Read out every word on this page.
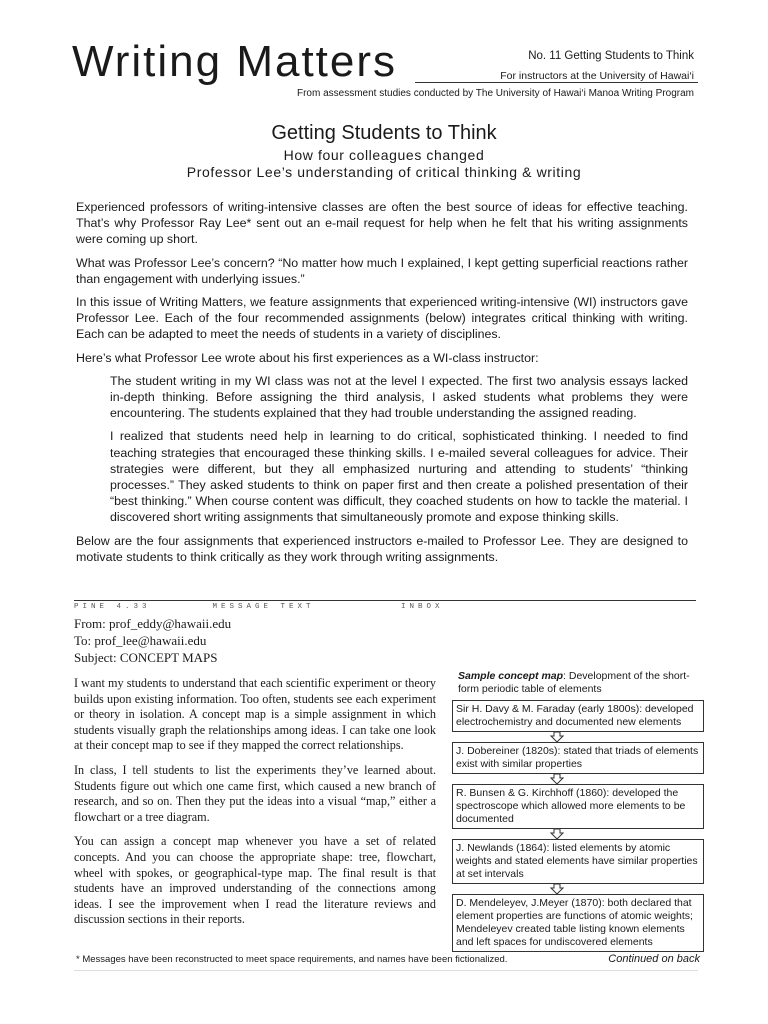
Writing Matters	No. 11 Getting Students to Think
For instructors at the University of Hawai‘i
From assessment studies conducted by The University of Hawai‘i Manoa Writing Program
Getting Students to Think
How four colleagues changed
Professor Lee’s understanding of critical thinking & writing

Experienced professors of writing-intensive classes are often the best source of ideas for effective teaching. That’s why Professor Ray Lee* sent out an e-mail request for help when he felt that his writing assignments were coming up short.

What was Professor Lee’s concern? “No matter how much I explained, I kept getting superficial reactions rather than engagement with underlying issues.”

In this issue of Writing Matters, we feature assignments that experienced writing-intensive (WI) instructors gave Professor Lee. Each of the four recommended assignments (below) integrates critical thinking with writing. Each can be adapted to meet the needs of students in a variety of disciplines.

Here’s what Professor Lee wrote about his first experiences as a WI-class instructor:

The student writing in my WI class was not at the level I expected. The first two analysis essays lacked in-depth thinking. Before assigning the third analysis, I asked students what problems they were encountering. The students explained that they had trouble understanding the assigned reading.

I realized that students need help in learning to do critical, sophisticated thinking. I needed to find teaching strategies that encouraged these thinking skills. I e-mailed several colleagues for advice. Their strategies were different, but they all emphasized nurturing and attending to students’ “thinking processes.” They asked students to think on paper first and then create a polished presentation of their “best thinking.” When course content was difficult, they coached students on how to tackle the material. I discovered short writing assignments that simultaneously promote and expose thinking skills.

Below are the four assignments that experienced instructors e-mailed to Professor Lee. They are designed to motivate students to think critically as they work through writing assignments.

PINE 4.33	MESSAGE TEXT	INBOX
From: prof_eddy@hawaii.edu
To: prof_lee@hawaii.edu
Subject: CONCEPT MAPS

I want my students to understand that each scientific experiment or theory builds upon existing information. Too often, students see each experiment or theory in isolation. A concept map is a simple assignment in which students visually graph the relationships among ideas. I can take one look at their concept map to see if they mapped the correct relationships.

In class, I tell students to list the experiments they’ve learned about. Students figure out which one came first, which caused a new branch of research, and so on. Then they put the ideas into a visual “map,” either a flowchart or a tree diagram.

You can assign a concept map whenever you have a set of related concepts. And you can choose the appropriate shape: tree, flowchart, wheel with spokes, or geographical-type map. The final result is that students have an improved understanding of the connections among ideas. I see the improvement when I read the literature reviews and discussion sections in their reports.

Sample concept map: Development of the short-form periodic table of elements
Sir H. Davy & M. Faraday (early 1800s): developed electrochemistry and documented new elements
J. Dobereiner (1820s): stated that triads of elements exist with similar properties
R. Bunsen & G. Kirchhoff (1860): developed the spectroscope which allowed more elements to be documented
J. Newlands (1864): listed elements by atomic weights and stated elements have similar properties at set intervals
D. Mendeleyev, J.Meyer (1870): both declared that element properties are functions of atomic weights; Mendeleyev created table listing known elements and left spaces for undiscovered elements
* Messages have been reconstructed to meet space requirements, and names have been fictionalized.	Continued on back
